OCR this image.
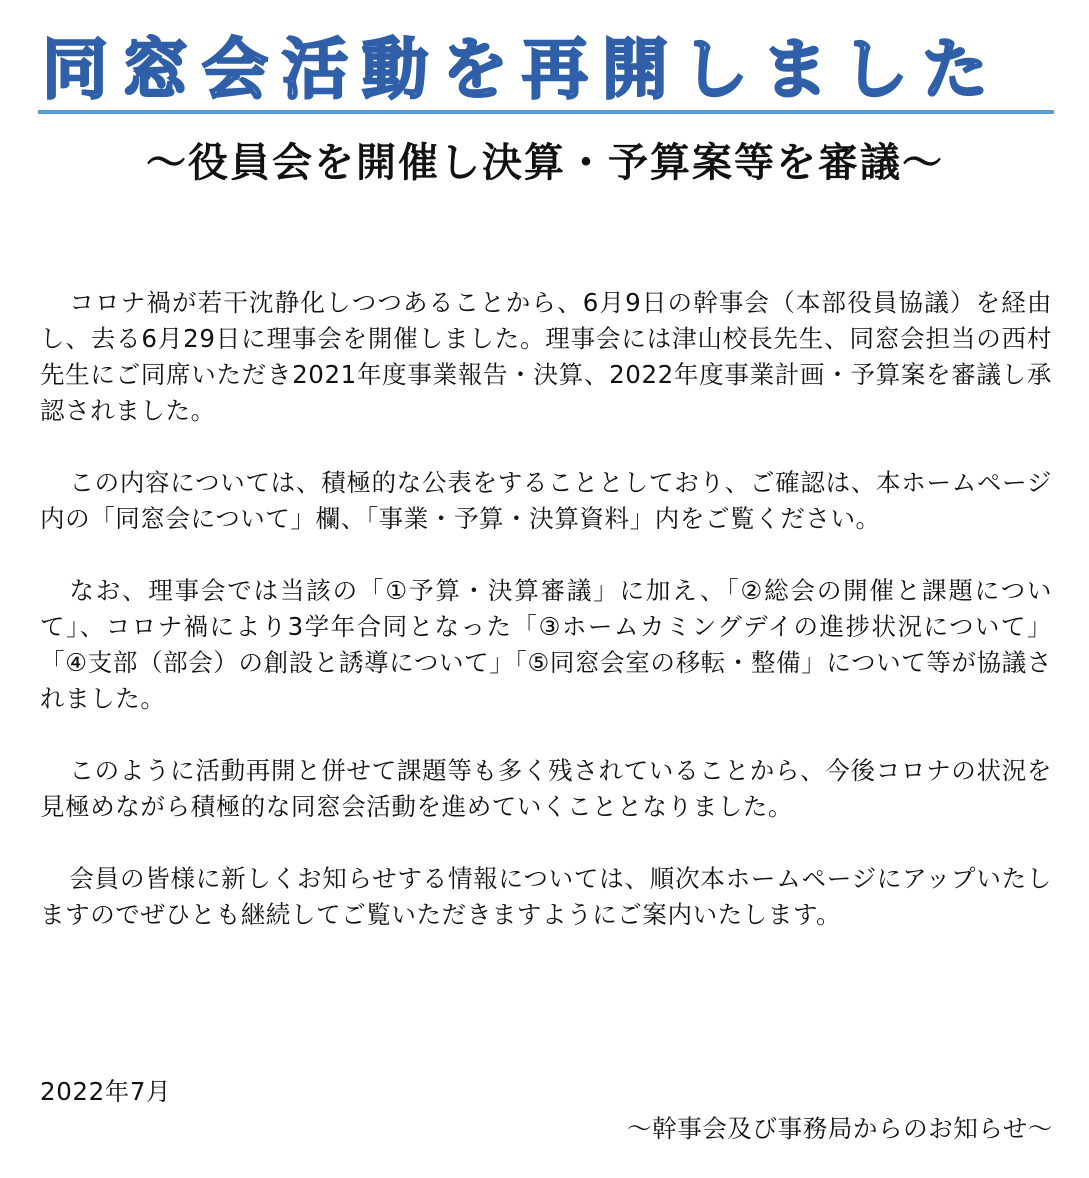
同窓会活動を再開しました
～役員会を開催し決算・予算案等を審議～

コロナ禍が若干沈静化しつつあることから、6月9日の幹事会（本部役員協議）を経由し、去る6月29日に理事会を開催しました。理事会には津山校長先生、同窓会担当の西村先生にご同席いただき2021年度事業報告・決算、2022年度事業計画・予算案を審議し承認されました。

この内容については、積極的な公表をすることとしており、ご確認は、本ホームページ内の「同窓会について」欄、「事業・予算・決算資料」内をご覧ください。

なお、理事会では当該の「①予算・決算審議」に加え、「②総会の開催と課題について」、コロナ禍により3学年合同となった「③ホームカミングデイの進捗状況について」「④支部（部会）の創設と誘導について」「⑤同窓会室の移転・整備」について等が協議されました。

このように活動再開と併せて課題等も多く残されていることから、今後コロナの状況を見極めながら積極的な同窓会活動を進めていくこととなりました。

会員の皆様に新しくお知らせする情報については、順次本ホームページにアップいたしますのでぜひとも継続してご覧いただきますようにご案内いたします。

2022年7月
～幹事会及び事務局からのお知らせ～
